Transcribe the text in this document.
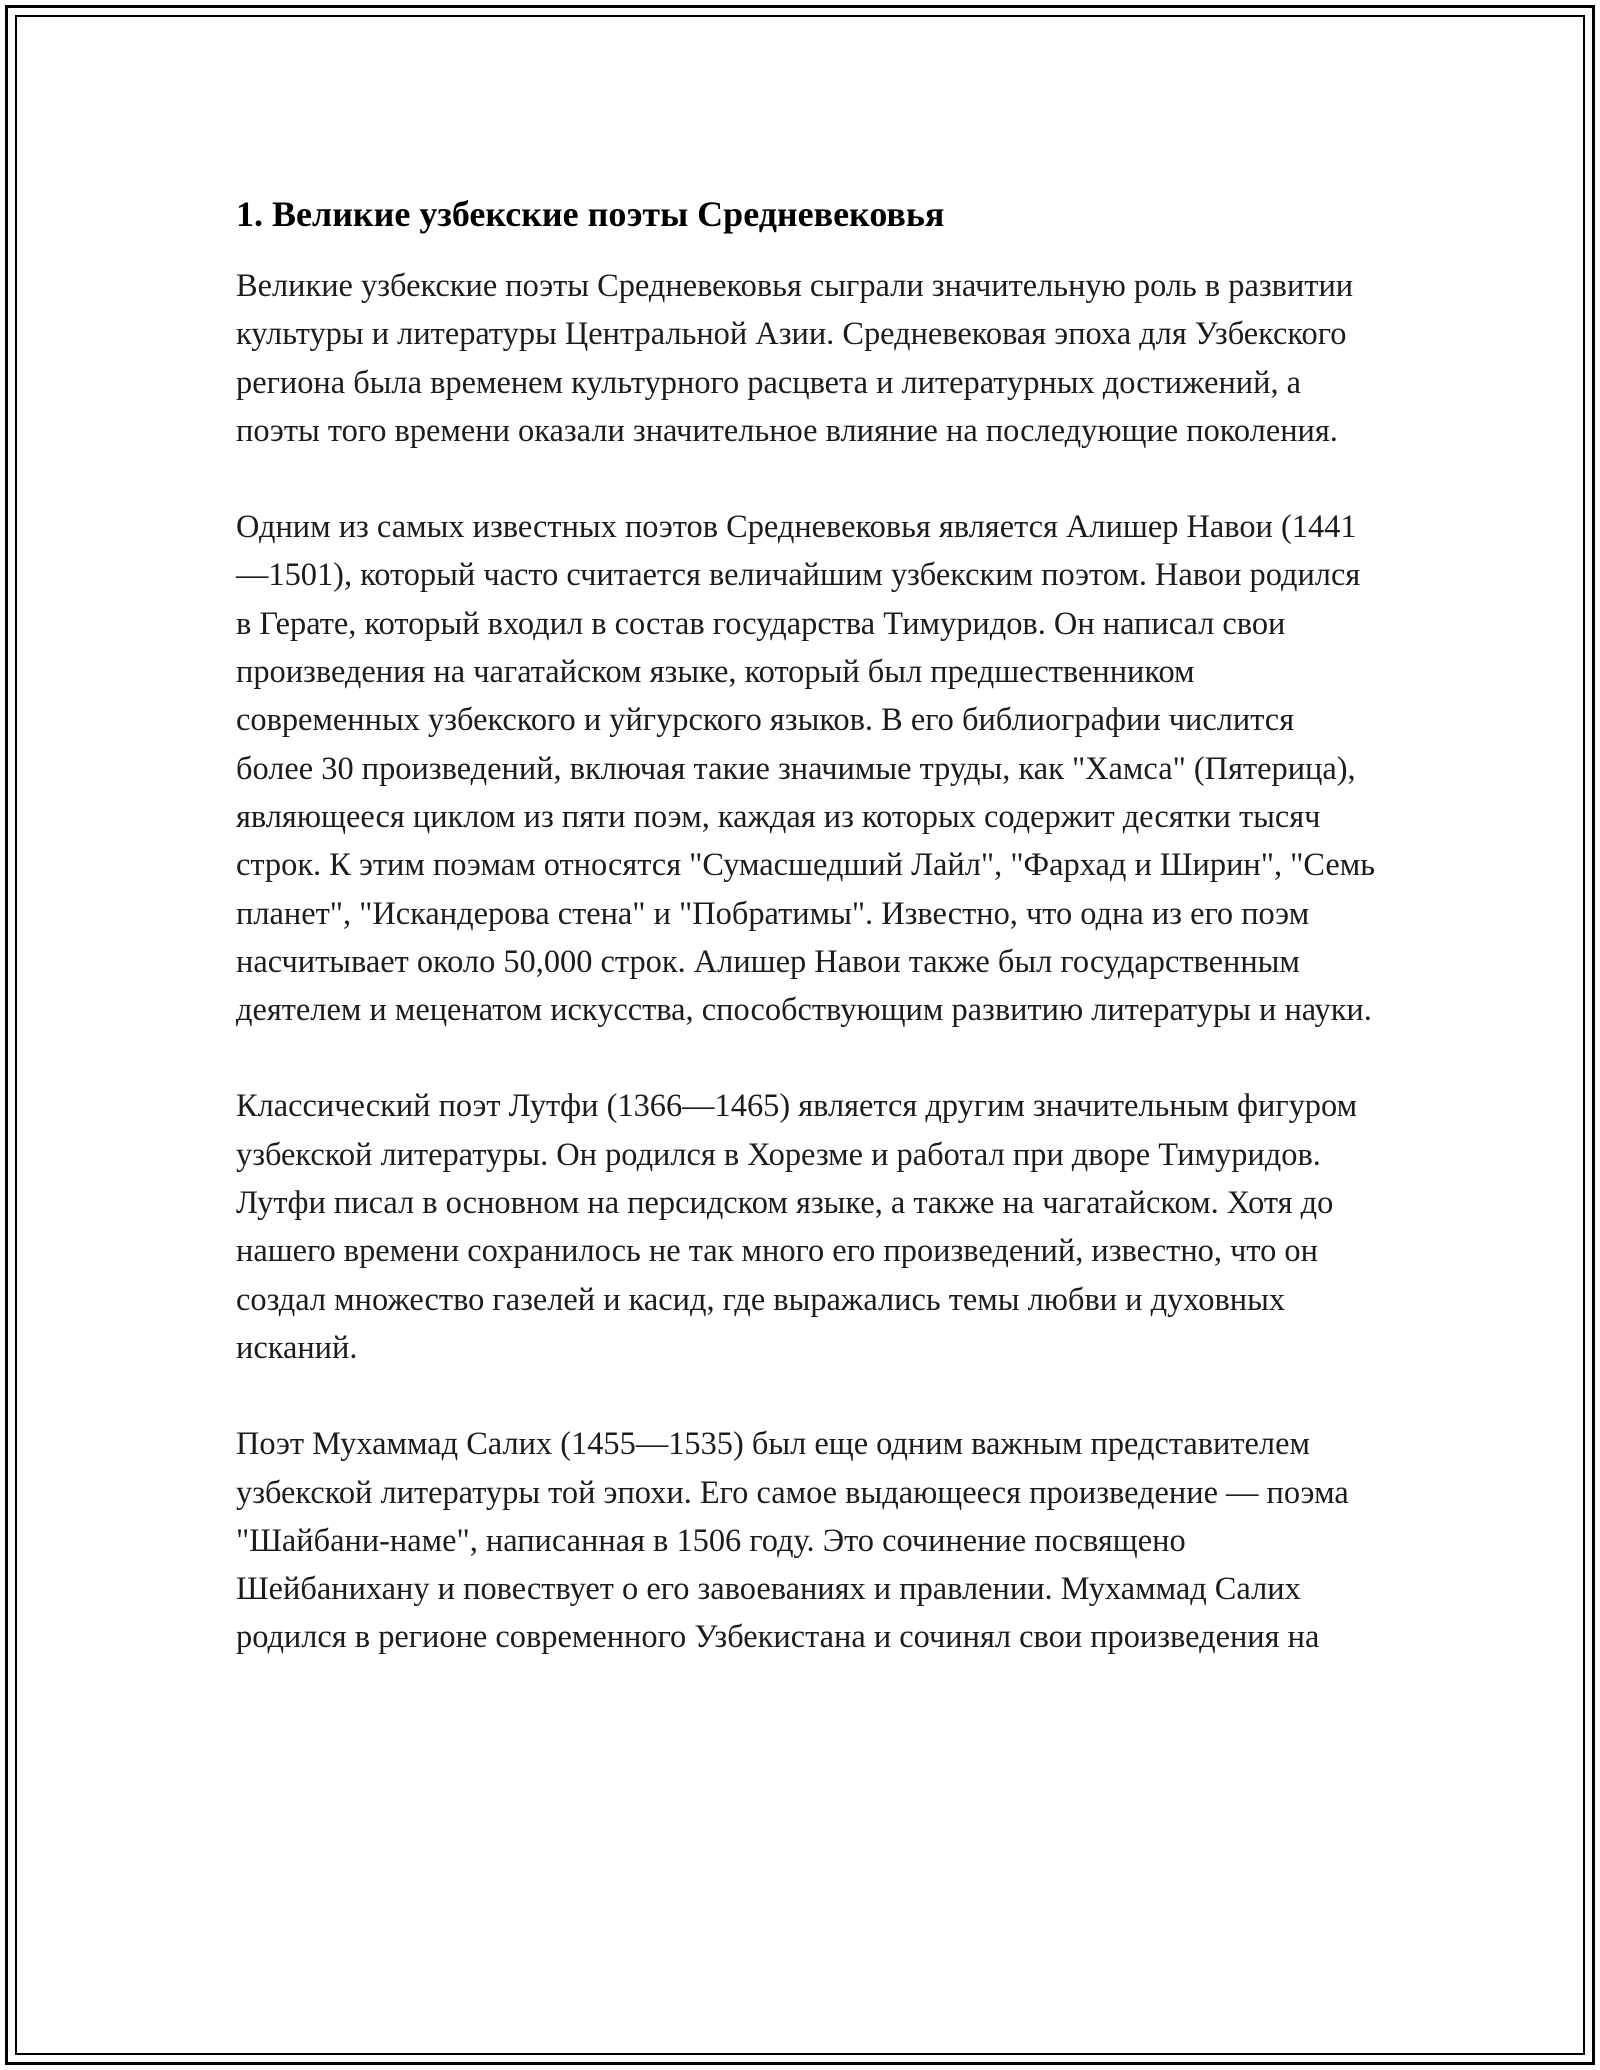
1. Великие узбекские поэты Средневековья

Великие узбекские поэты Средневековья сыграли значительную роль в развитии культуры и литературы Центральной Азии. Средневековая эпоха для Узбекского региона была временем культурного расцвета и литературных достижений, а поэты того времени оказали значительное влияние на последующие поколения.

Одним из самых известных поэтов Средневековья является Алишер Навои (1441—1501), который часто считается величайшим узбекским поэтом. Навои родился в Герате, который входил в состав государства Тимуридов. Он написал свои произведения на чагатайском языке, который был предшественником современных узбекского и уйгурского языков. В его библиографии числится более 30 произведений, включая такие значимые труды, как "Хамса" (Пятерица), являющееся циклом из пяти поэм, каждая из которых содержит десятки тысяч строк. К этим поэмам относятся "Сумасшедший Лайл", "Фархад и Ширин", "Семь планет", "Искандерова стена" и "Побратимы". Известно, что одна из его поэм насчитывает около 50,000 строк. Алишер Навои также был государственным деятелем и меценатом искусства, способствующим развитию литературы и науки.

Классический поэт Лутфи (1366—1465) является другим значительным фигуром узбекской литературы. Он родился в Хорезме и работал при дворе Тимуридов. Лутфи писал в основном на персидском языке, а также на чагатайском. Хотя до нашего времени сохранилось не так много его произведений, известно, что он создал множество газелей и касид, где выражались темы любви и духовных исканий.

Поэт Мухаммад Салих (1455—1535) был еще одним важным представителем узбекской литературы той эпохи. Его самое выдающееся произведение — поэма "Шайбани-наме", написанная в 1506 году. Это сочинение посвящено Шейбанихану и повествует о его завоеваниях и правлении. Мухаммад Салих родился в регионе современного Узбекистана и сочинял свои произведения на
